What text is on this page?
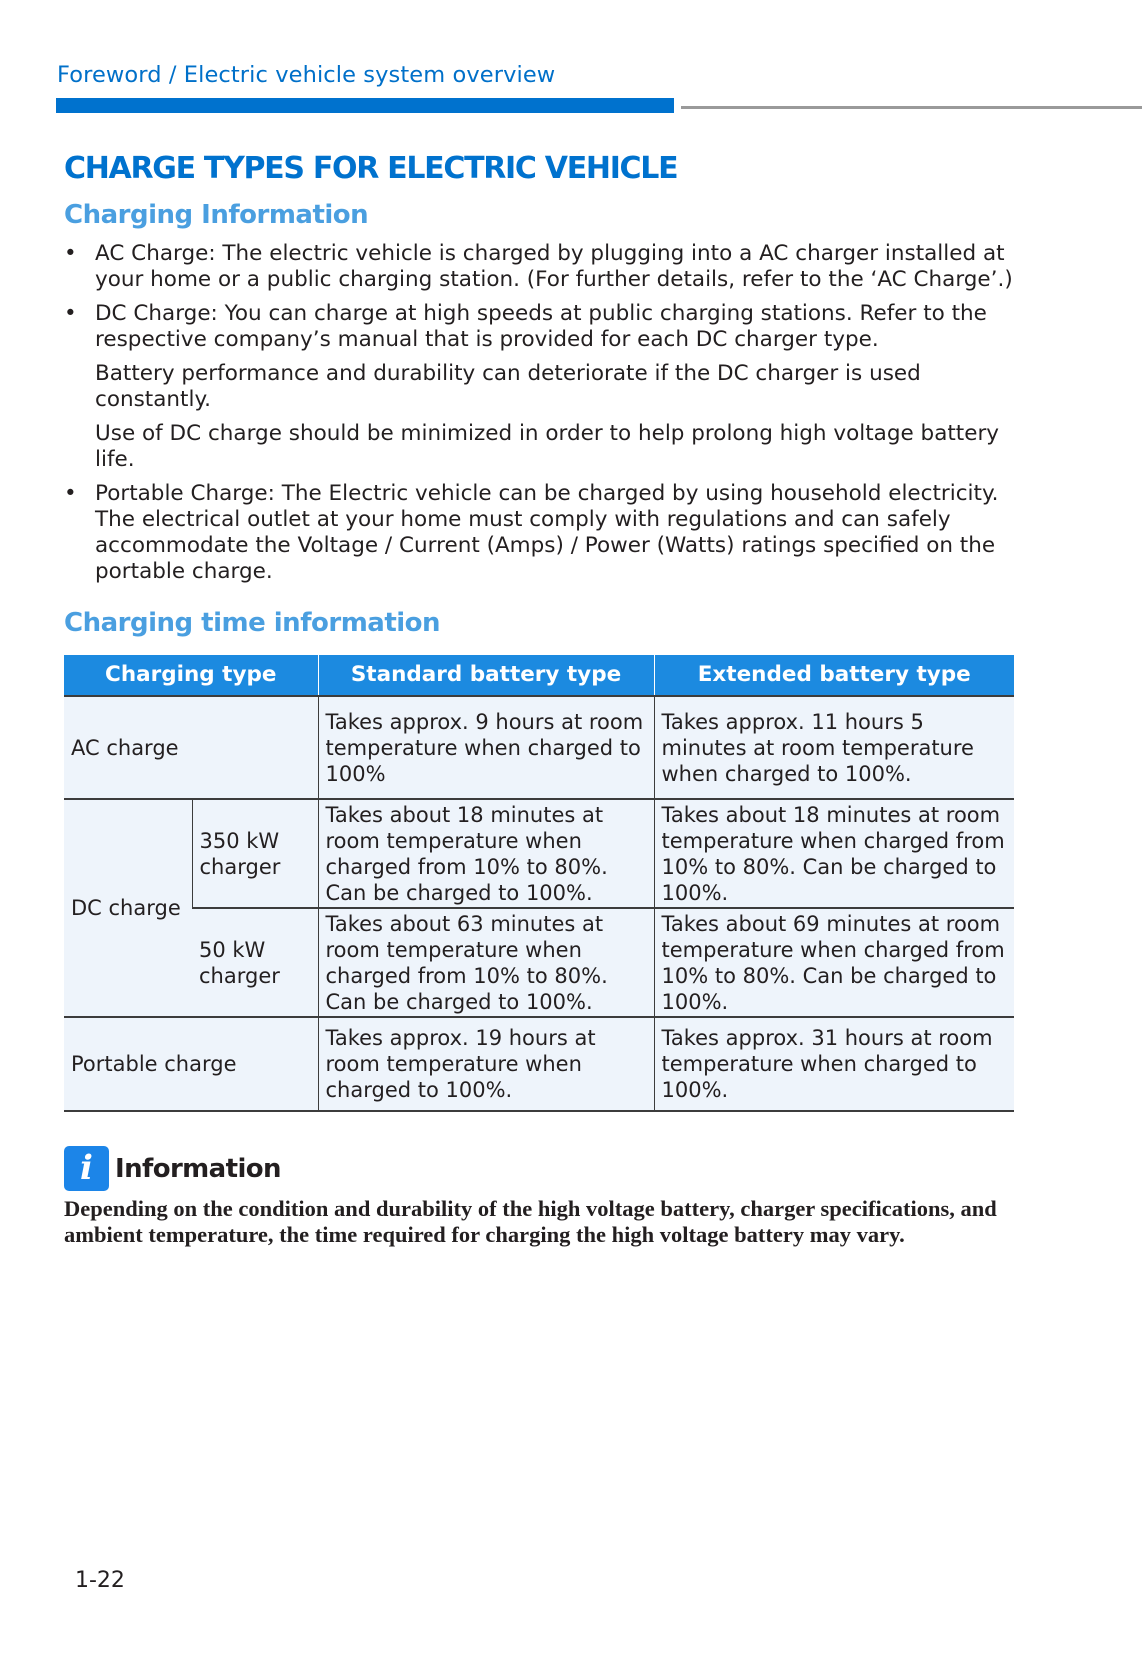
Foreword / Electric vehicle system overview
CHARGE TYPES FOR ELECTRIC VEHICLE
Charging Information
• AC Charge: The electric vehicle is charged by plugging into a AC charger installed at your home or a public charging station. (For further details, refer to the ‘AC Charge’.)
• DC Charge: You can charge at high speeds at public charging stations. Refer to the respective company’s manual that is provided for each DC charger type.
Battery performance and durability can deteriorate if the DC charger is used constantly.
Use of DC charge should be minimized in order to help prolong high voltage battery life.
• Portable Charge: The Electric vehicle can be charged by using household electricity. The electrical outlet at your home must comply with regulations and can safely accommodate the Voltage / Current (Amps) / Power (Watts) ratings specified on the portable charge.
Charging time information
Charging type		Standard battery type	Extended battery type
AC charge		Takes approx. 9 hours at room temperature when charged to 100%	Takes approx. 11 hours 5 minutes at room temperature when charged to 100%.
DC charge	350 kW charger	Takes about 18 minutes at room temperature when charged from 10% to 80%. Can be charged to 100%.	Takes about 18 minutes at room temperature when charged from 10% to 80%. Can be charged to 100%.
	50 kW charger	Takes about 63 minutes at room temperature when charged from 10% to 80%. Can be charged to 100%.	Takes about 69 minutes at room temperature when charged from 10% to 80%. Can be charged to 100%.
Portable charge		Takes approx. 19 hours at room temperature when charged to 100%.	Takes approx. 31 hours at room temperature when charged to 100%.
i Information
Depending on the condition and durability of the high voltage battery, charger specifications, and ambient temperature, the time required for charging the high voltage battery may vary.
1-22
